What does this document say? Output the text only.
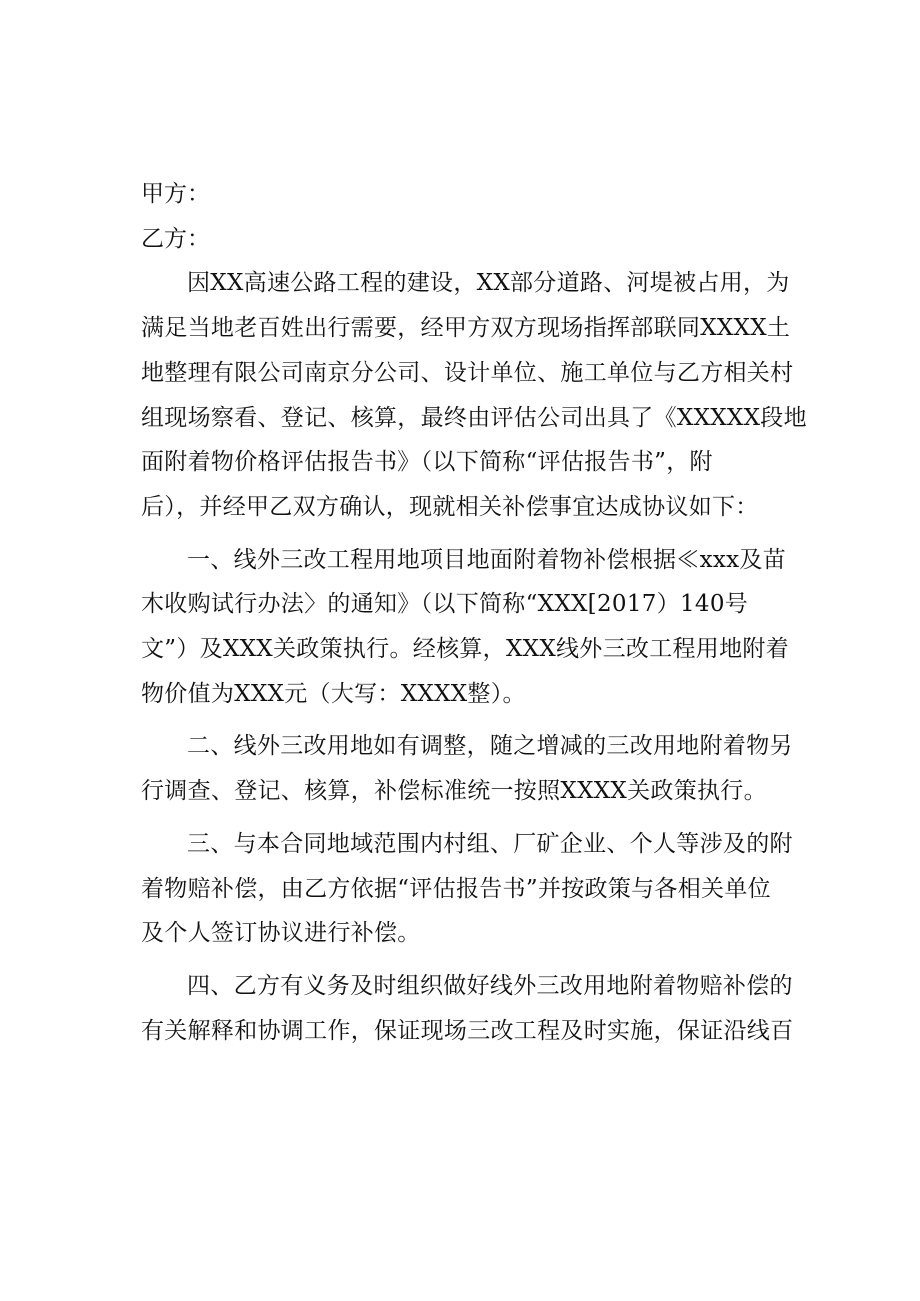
甲方：

乙方：

因XX高速公路工程的建设，XX部分道路、河堤被占用，为

满足当地老百姓出行需要，经甲方双方现场指挥部联同XXXX土

地整理有限公司南京分公司、设计单位、施工单位与乙方相关村

组现场察看、登记、核算，最终由评估公司出具了《XXXXX段地

面附着物价格评估报告书》（以下简称“评估报告书”，附

后），并经甲乙双方确认，现就相关补偿事宜达成协议如下：

一、线外三改工程用地项目地面附着物补偿根据≪xxx及苗

木收购试行办法〉的通知》（以下简称“XXX[2017）140号

文”）及XXX关政策执行。经核算，XXX线外三改工程用地附着

物价值为XXX元（大写：XXXX整）。

二、线外三改用地如有调整，随之增减的三改用地附着物另

行调查、登记、核算，补偿标准统一按照XXXX关政策执行。

三、与本合同地域范围内村组、厂矿企业、个人等涉及的附

着物赔补偿，由乙方依据“评估报告书”并按政策与各相关单位

及个人签订协议进行补偿。

四、乙方有义务及时组织做好线外三改用地附着物赔补偿的

有关解释和协调工作，保证现场三改工程及时实施，保证沿线百
